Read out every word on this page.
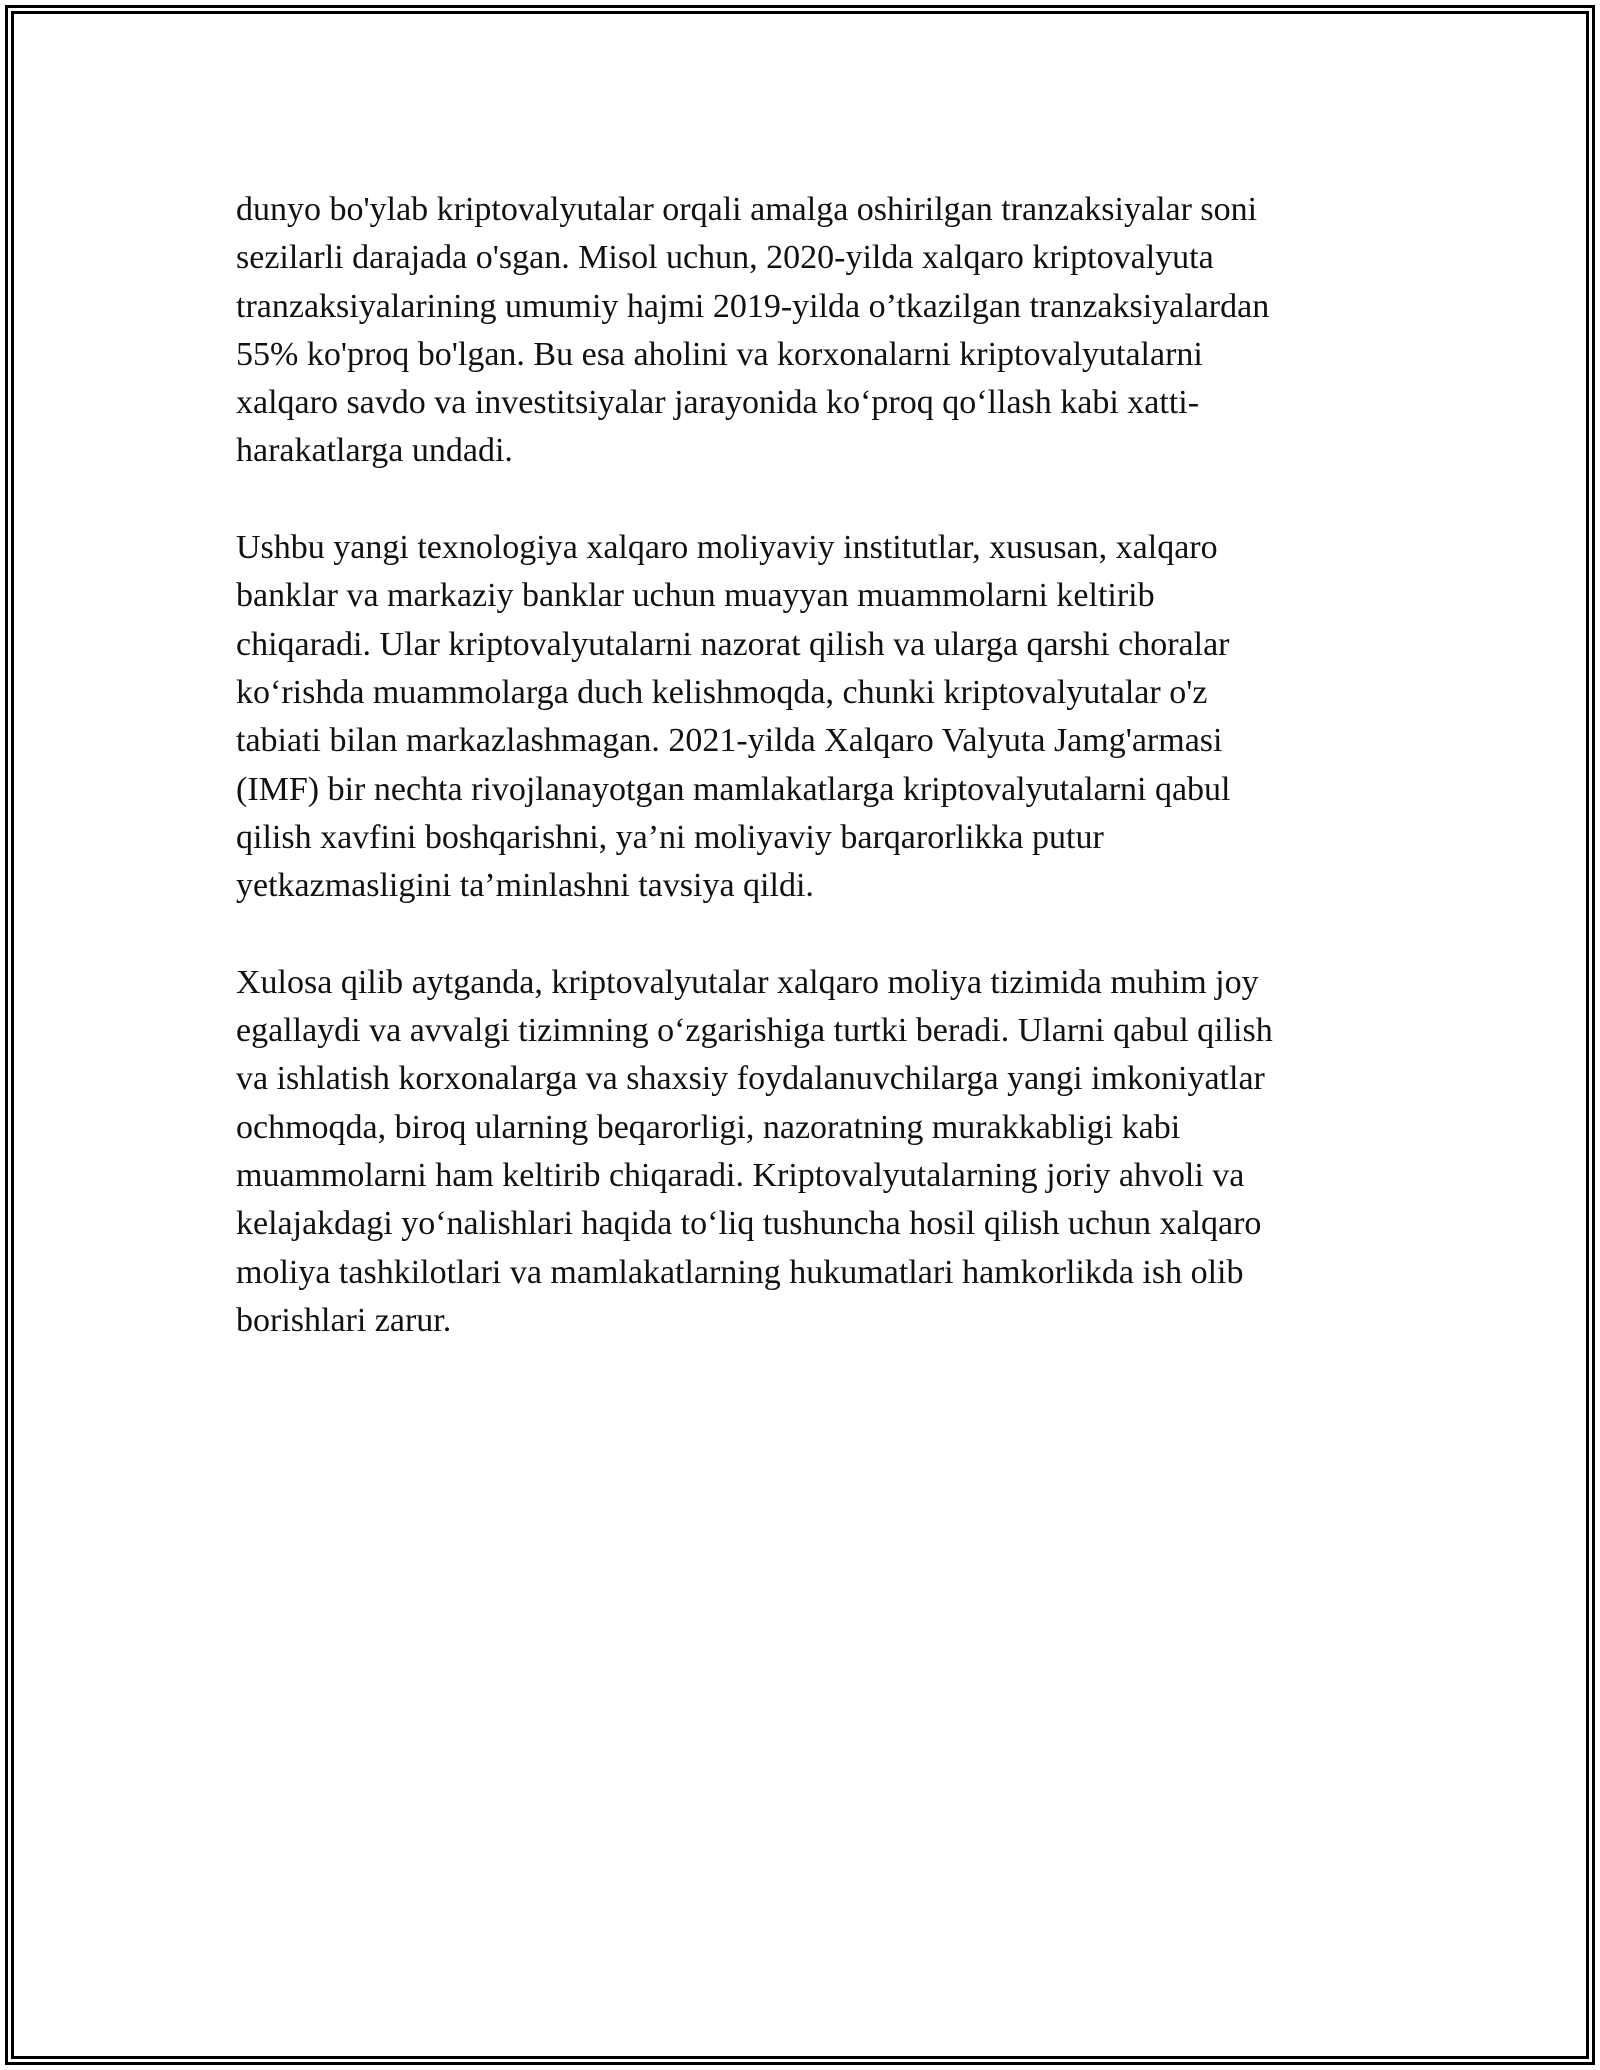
dunyo bo'ylab kriptovalyutalar orqali amalga oshirilgan tranzaksiyalar soni
sezilarli darajada o'sgan. Misol uchun, 2020-yilda xalqaro kriptovalyuta
tranzaksiyalarining umumiy hajmi 2019-yilda o’tkazilgan tranzaksiyalardan
55% ko'proq bo'lgan. Bu esa aholini va korxonalarni kriptovalyutalarni
xalqaro savdo va investitsiyalar jarayonida ko‘proq qo‘llash kabi xatti-
harakatlarga undadi.

Ushbu yangi texnologiya xalqaro moliyaviy institutlar, xususan, xalqaro
banklar va markaziy banklar uchun muayyan muammolarni keltirib
chiqaradi. Ular kriptovalyutalarni nazorat qilish va ularga qarshi choralar
ko‘rishda muammolarga duch kelishmoqda, chunki kriptovalyutalar o'z
tabiati bilan markazlashmagan. 2021-yilda Xalqaro Valyuta Jamg'armasi
(IMF) bir nechta rivojlanayotgan mamlakatlarga kriptovalyutalarni qabul
qilish xavfini boshqarishni, ya’ni moliyaviy barqarorlikka putur
yetkazmasligini ta’minlashni tavsiya qildi.

Xulosa qilib aytganda, kriptovalyutalar xalqaro moliya tizimida muhim joy
egallaydi va avvalgi tizimning o‘zgarishiga turtki beradi. Ularni qabul qilish
va ishlatish korxonalarga va shaxsiy foydalanuvchilarga yangi imkoniyatlar
ochmoqda, biroq ularning beqarorligi, nazoratning murakkabligi kabi
muammolarni ham keltirib chiqaradi. Kriptovalyutalarning joriy ahvoli va
kelajakdagi yo‘nalishlari haqida to‘liq tushuncha hosil qilish uchun xalqaro
moliya tashkilotlari va mamlakatlarning hukumatlari hamkorlikda ish olib
borishlari zarur.
